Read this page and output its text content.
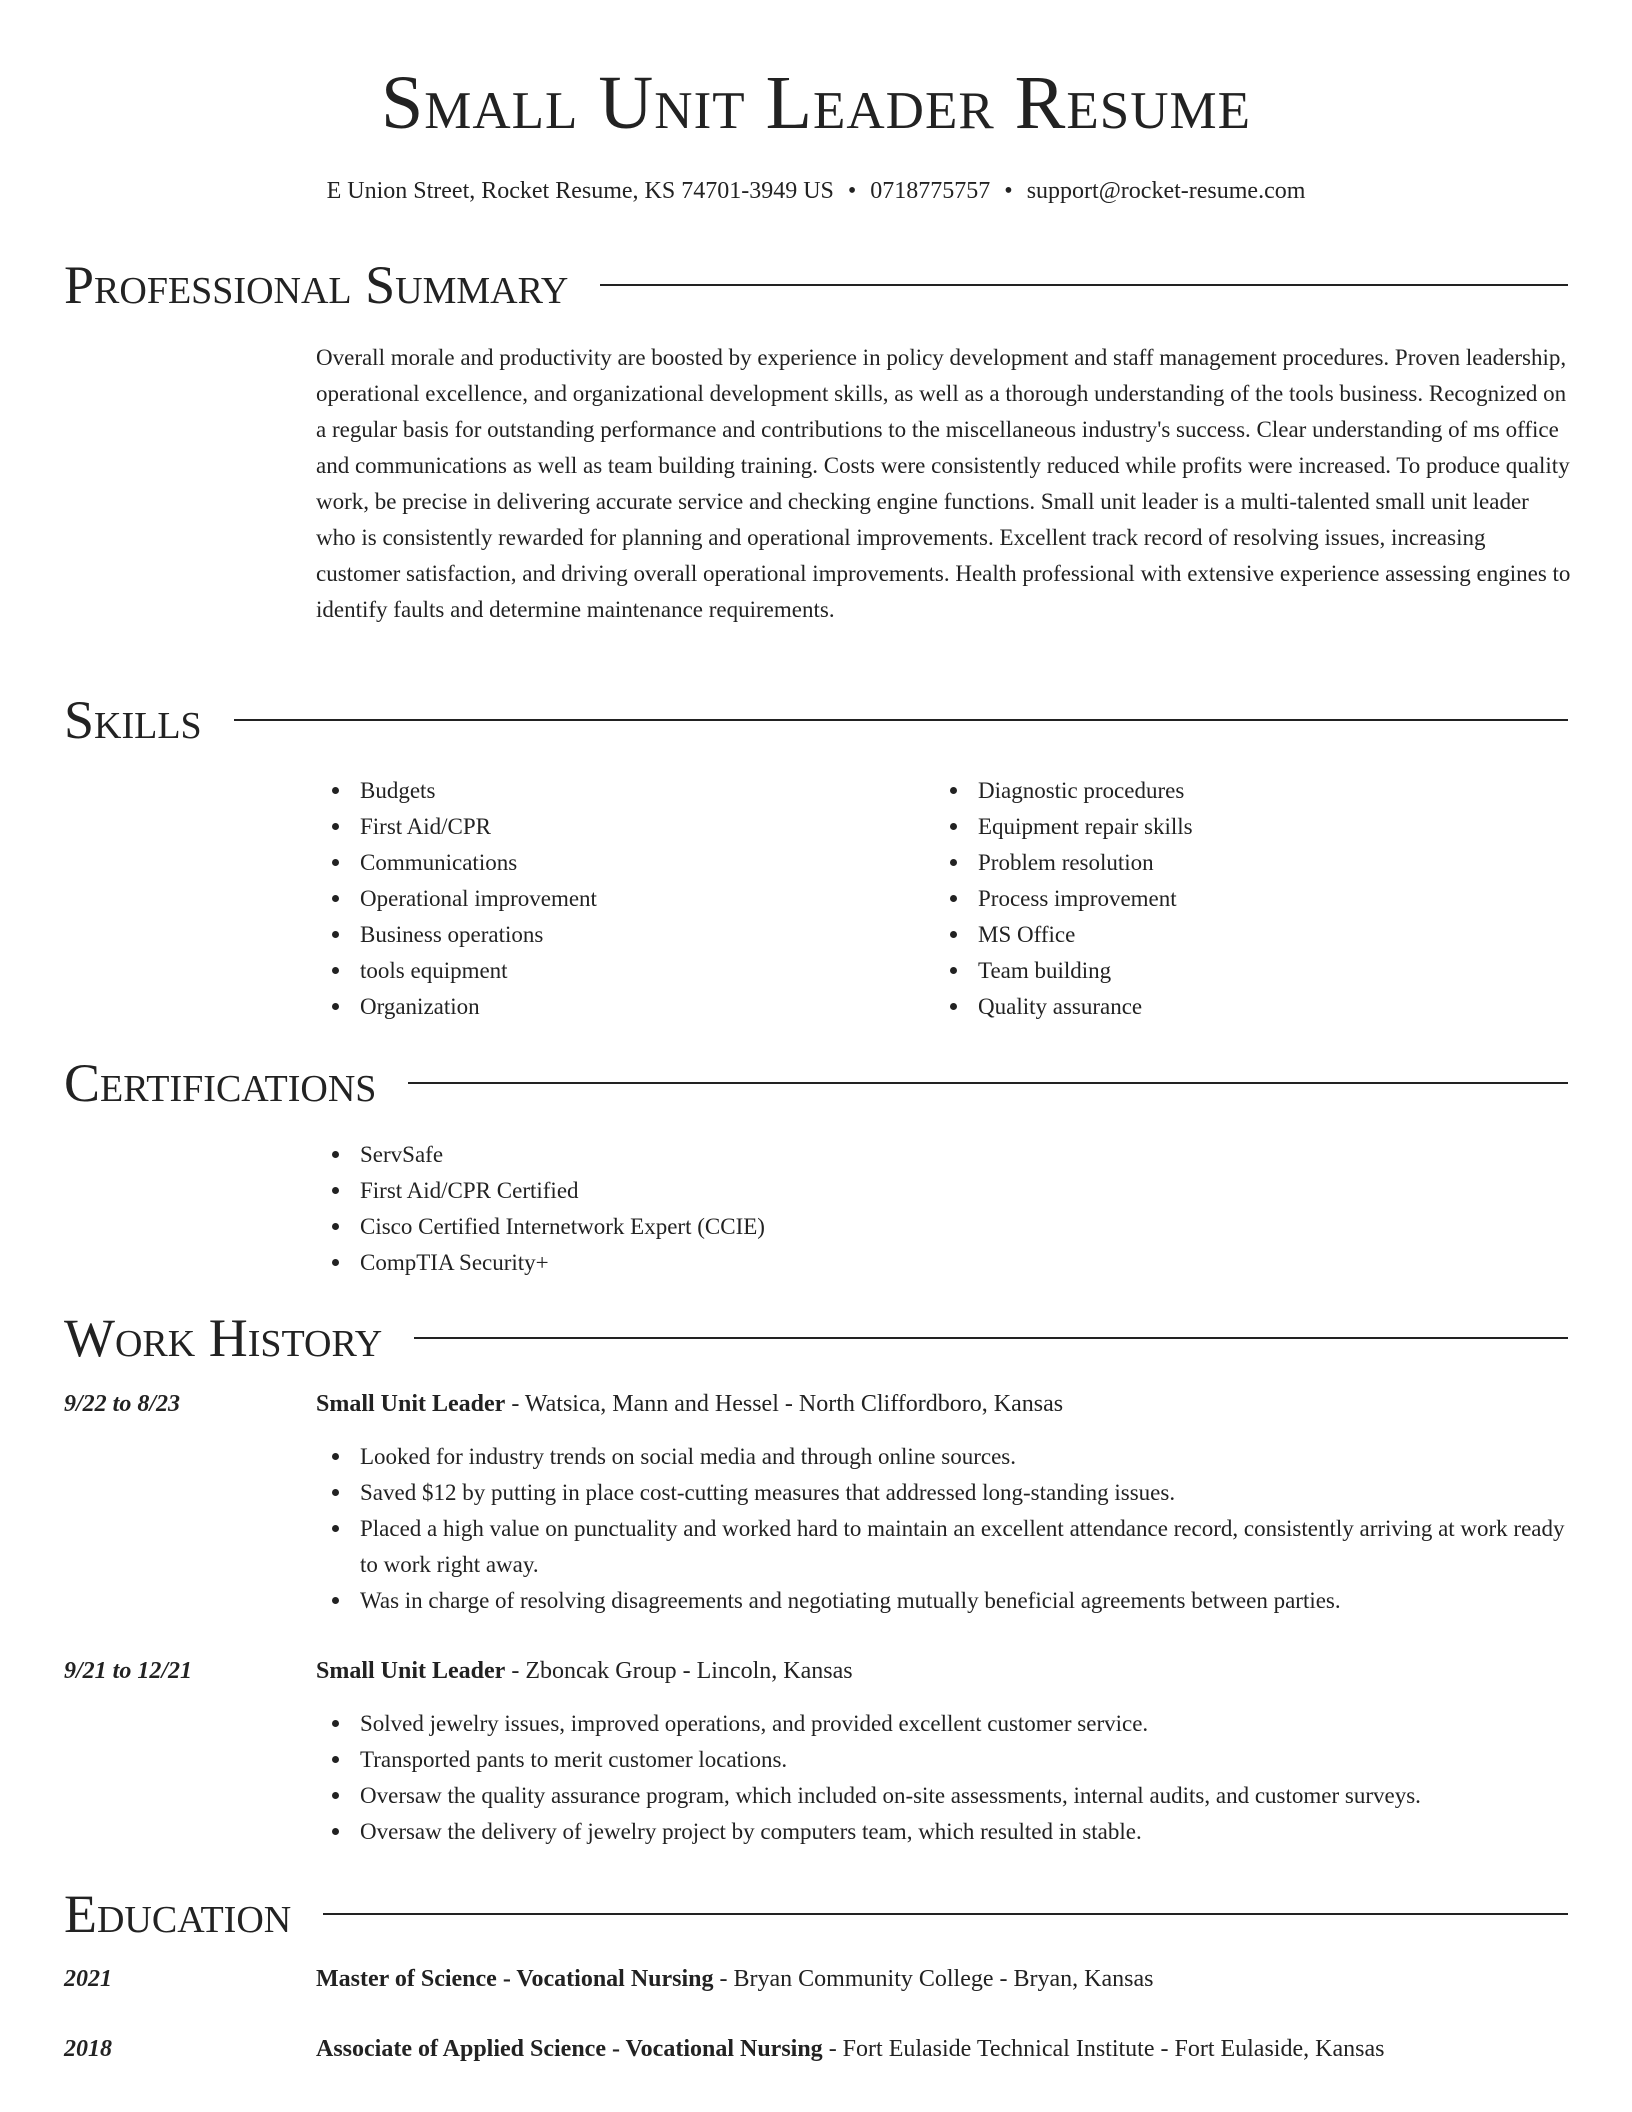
Small Unit Leader Resume
E Union Street, Rocket Resume, KS 74701-3949 US • 0718775757 • support@rocket-resume.com
Professional Summary

Overall morale and productivity are boosted by experience in policy development and staff management procedures. Proven leadership, operational excellence, and organizational development skills, as well as a thorough understanding of the tools business. Recognized on a regular basis for outstanding performance and contributions to the miscellaneous industry's success. Clear understanding of ms office and communications as well as team building training. Costs were consistently reduced while profits were increased. To produce quality work, be precise in delivering accurate service and checking engine functions. Small unit leader is a multi-talented small unit leader who is consistently rewarded for planning and operational improvements. Excellent track record of resolving issues, increasing customer satisfaction, and driving overall operational improvements. Health professional with extensive experience assessing engines to identify faults and determine maintenance requirements.

Skills
Budgets
First Aid/CPR
Communications
Operational improvement
Business operations
tools equipment
Organization
Diagnostic procedures
Equipment repair skills
Problem resolution
Process improvement
MS Office
Team building
Quality assurance
Certifications
ServSafe
First Aid/CPR Certified
Cisco Certified Internetwork Expert (CCIE)
CompTIA Security+
Work History
9/22 to 8/23	Small Unit Leader - Watsica, Mann and Hessel - North Cliffordboro, Kansas
Looked for industry trends on social media and through online sources.
Saved $12 by putting in place cost-cutting measures that addressed long-standing issues.
Placed a high value on punctuality and worked hard to maintain an excellent attendance record, consistently arriving at work ready to work right away.
Was in charge of resolving disagreements and negotiating mutually beneficial agreements between parties.
9/21 to 12/21	Small Unit Leader - Zboncak Group - Lincoln, Kansas
Solved jewelry issues, improved operations, and provided excellent customer service.
Transported pants to merit customer locations.
Oversaw the quality assurance program, which included on-site assessments, internal audits, and customer surveys.
Oversaw the delivery of jewelry project by computers team, which resulted in stable.
Education
2021	Master of Science - Vocational Nursing - Bryan Community College - Bryan, Kansas
2018	Associate of Applied Science - Vocational Nursing - Fort Eulaside Technical Institute - Fort Eulaside, Kansas
